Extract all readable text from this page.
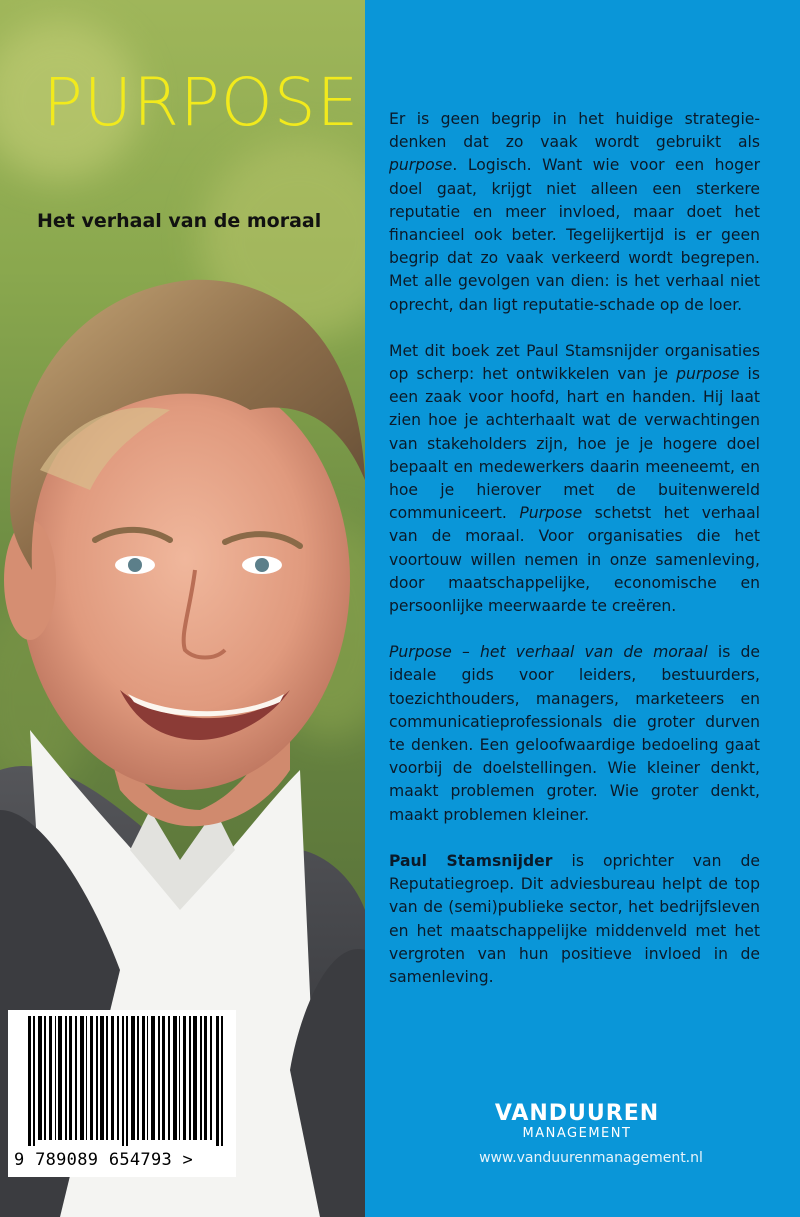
PURPOSE
Het verhaal van de moraal
9 789089 654793 >

Er is geen begrip in het huidige strategie-denken dat zo vaak wordt gebruikt als purpose. Logisch. Want wie voor een hoger doel gaat, krijgt niet alleen een sterkere reputatie en meer invloed, maar doet het financieel ook beter. Tegelijkertijd is er geen begrip dat zo vaak verkeerd wordt begrepen. Met alle gevolgen van dien: is het verhaal niet oprecht, dan ligt reputatie-schade op de loer.

Met dit boek zet Paul Stamsnijder organisaties op scherp: het ontwikkelen van je purpose is een zaak voor hoofd, hart en handen. Hij laat zien hoe je achterhaalt wat de verwachtingen van stakeholders zijn, hoe je je hogere doel bepaalt en medewerkers daarin meeneemt, en hoe je hierover met de buitenwereld communiceert. Purpose schetst het verhaal van de moraal. Voor organisaties die het voortouw willen nemen in onze samenleving, door maatschappelijke, economische en persoonlijke meerwaarde te creëren.

Purpose – het verhaal van de moraal is de ideale gids voor leiders, bestuurders, toezichthouders, managers, marketeers en communicatieprofessionals die groter durven te denken. Een geloofwaardige bedoeling gaat voorbij de doelstellingen. Wie kleiner denkt, maakt problemen groter. Wie groter denkt, maakt problemen kleiner.

Paul Stamsnijder is oprichter van de Reputatiegroep. Dit adviesbureau helpt de top van de (semi)publieke sector, het bedrijfsleven en het maatschappelijke middenveld met het vergroten van hun positieve invloed in de samenleving.

VANDUUREN
MANAGEMENT
www.vanduurenmanagement.nl
